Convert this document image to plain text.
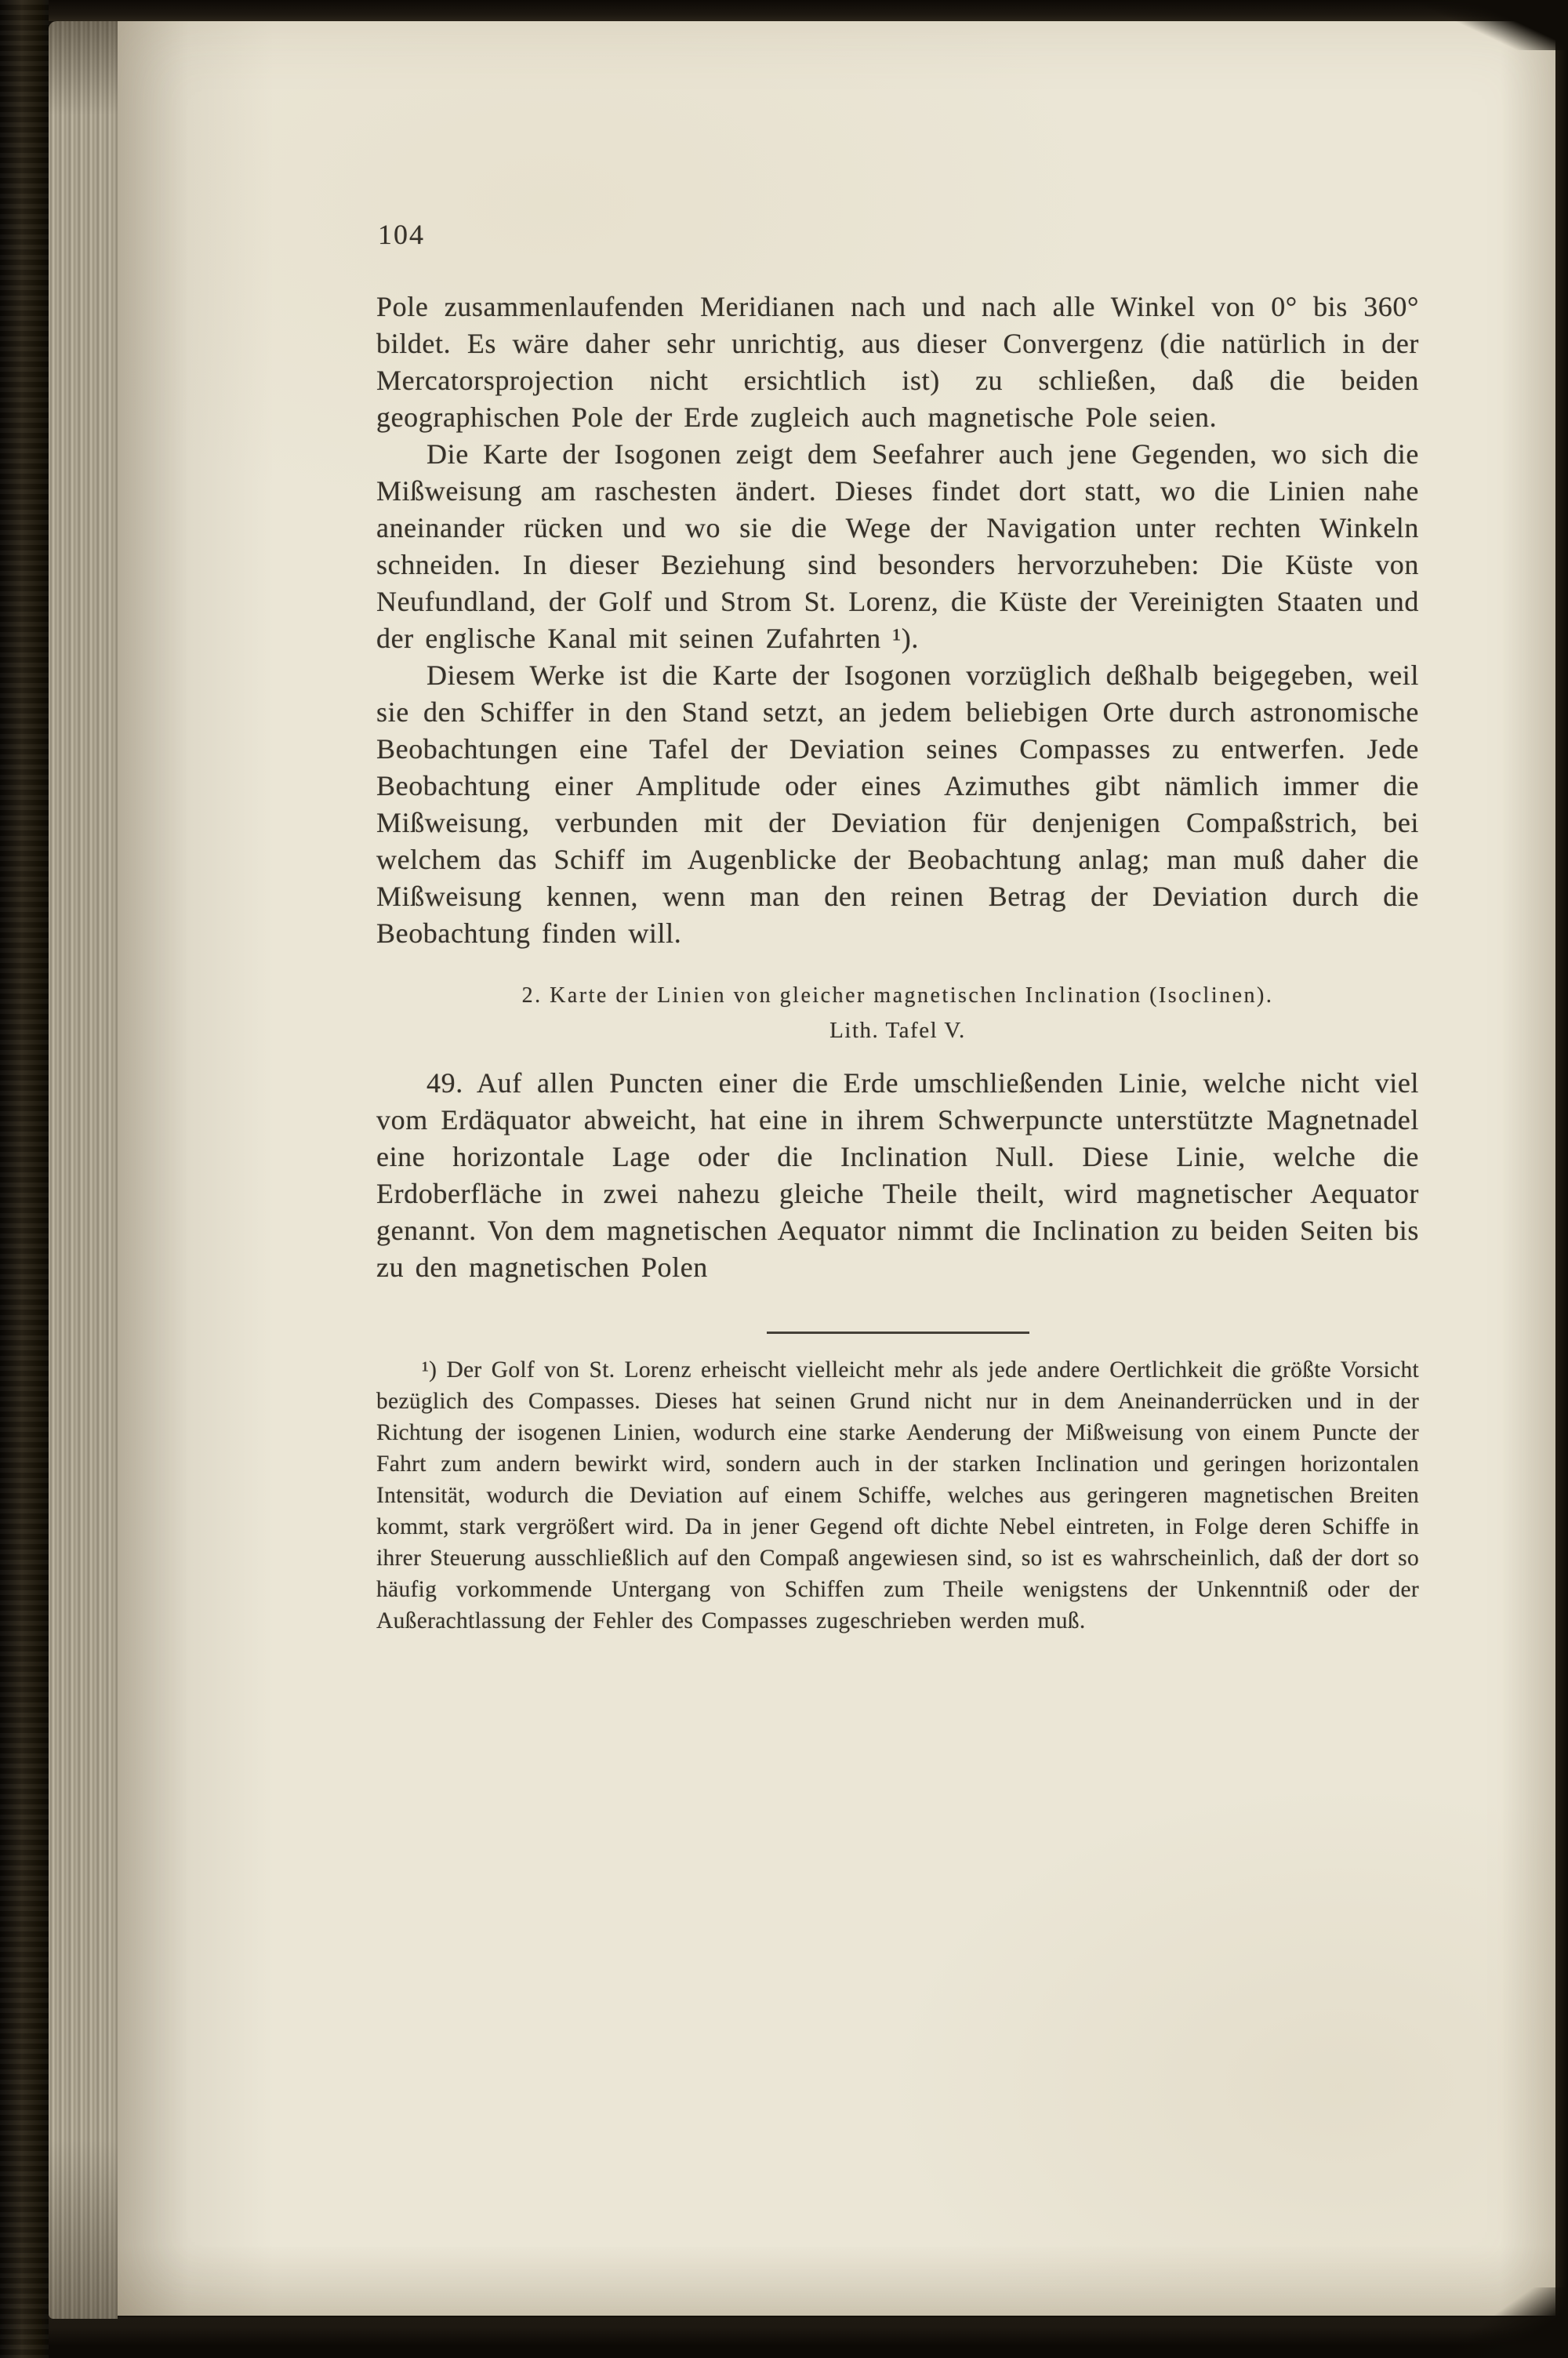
104

Pole zusammenlaufenden Meridianen nach und nach alle Winkel von 0° bis 360° bildet. Es wäre daher sehr unrichtig, aus dieser Convergenz (die natürlich in der Mercatorsprojection nicht ersichtlich ist) zu schließen, daß die beiden geographischen Pole der Erde zugleich auch magnetische Pole seien.

Die Karte der Isogonen zeigt dem Seefahrer auch jene Gegenden, wo sich die Mißweisung am raschesten ändert. Dieses findet dort statt, wo die Linien nahe aneinander rücken und wo sie die Wege der Navigation unter rechten Winkeln schneiden. In dieser Beziehung sind besonders hervorzuheben: Die Küste von Neufundland, der Golf und Strom St. Lorenz, die Küste der Vereinigten Staaten und der englische Kanal mit seinen Zufahrten ¹).

Diesem Werke ist die Karte der Isogonen vorzüglich deßhalb beigegeben, weil sie den Schiffer in den Stand setzt, an jedem beliebigen Orte durch astronomische Beobachtungen eine Tafel der Deviation seines Compasses zu entwerfen. Jede Beobachtung einer Amplitude oder eines Azimuthes gibt nämlich immer die Mißweisung, verbunden mit der Deviation für denjenigen Compaßstrich, bei welchem das Schiff im Augenblicke der Beobachtung anlag; man muß daher die Mißweisung kennen, wenn man den reinen Betrag der Deviation durch die Beobachtung finden will.

2. Karte der Linien von gleicher magnetischen Inclination (Isoclinen).
Lith. Tafel V.

49. Auf allen Puncten einer die Erde umschließenden Linie, welche nicht viel vom Erdäquator abweicht, hat eine in ihrem Schwerpuncte unterstützte Magnetnadel eine horizontale Lage oder die Inclination Null. Diese Linie, welche die Erdoberfläche in zwei nahezu gleiche Theile theilt, wird magnetischer Aequator genannt. Von dem magnetischen Aequator nimmt die Inclination zu beiden Seiten bis zu den magnetischen Polen

¹) Der Golf von St. Lorenz erheischt vielleicht mehr als jede andere Oertlichkeit die größte Vorsicht bezüglich des Compasses. Dieses hat seinen Grund nicht nur in dem Aneinanderrücken und in der Richtung der isogenen Linien, wodurch eine starke Aenderung der Mißweisung von einem Puncte der Fahrt zum andern bewirkt wird, sondern auch in der starken Inclination und geringen horizontalen Intensität, wodurch die Deviation auf einem Schiffe, welches aus geringeren magnetischen Breiten kommt, stark vergrößert wird. Da in jener Gegend oft dichte Nebel eintreten, in Folge deren Schiffe in ihrer Steuerung ausschließlich auf den Compaß angewiesen sind, so ist es wahrscheinlich, daß der dort so häufig vorkommende Untergang von Schiffen zum Theile wenigstens der Unkenntniß oder der Außerachtlassung der Fehler des Compasses zugeschrieben werden muß.
